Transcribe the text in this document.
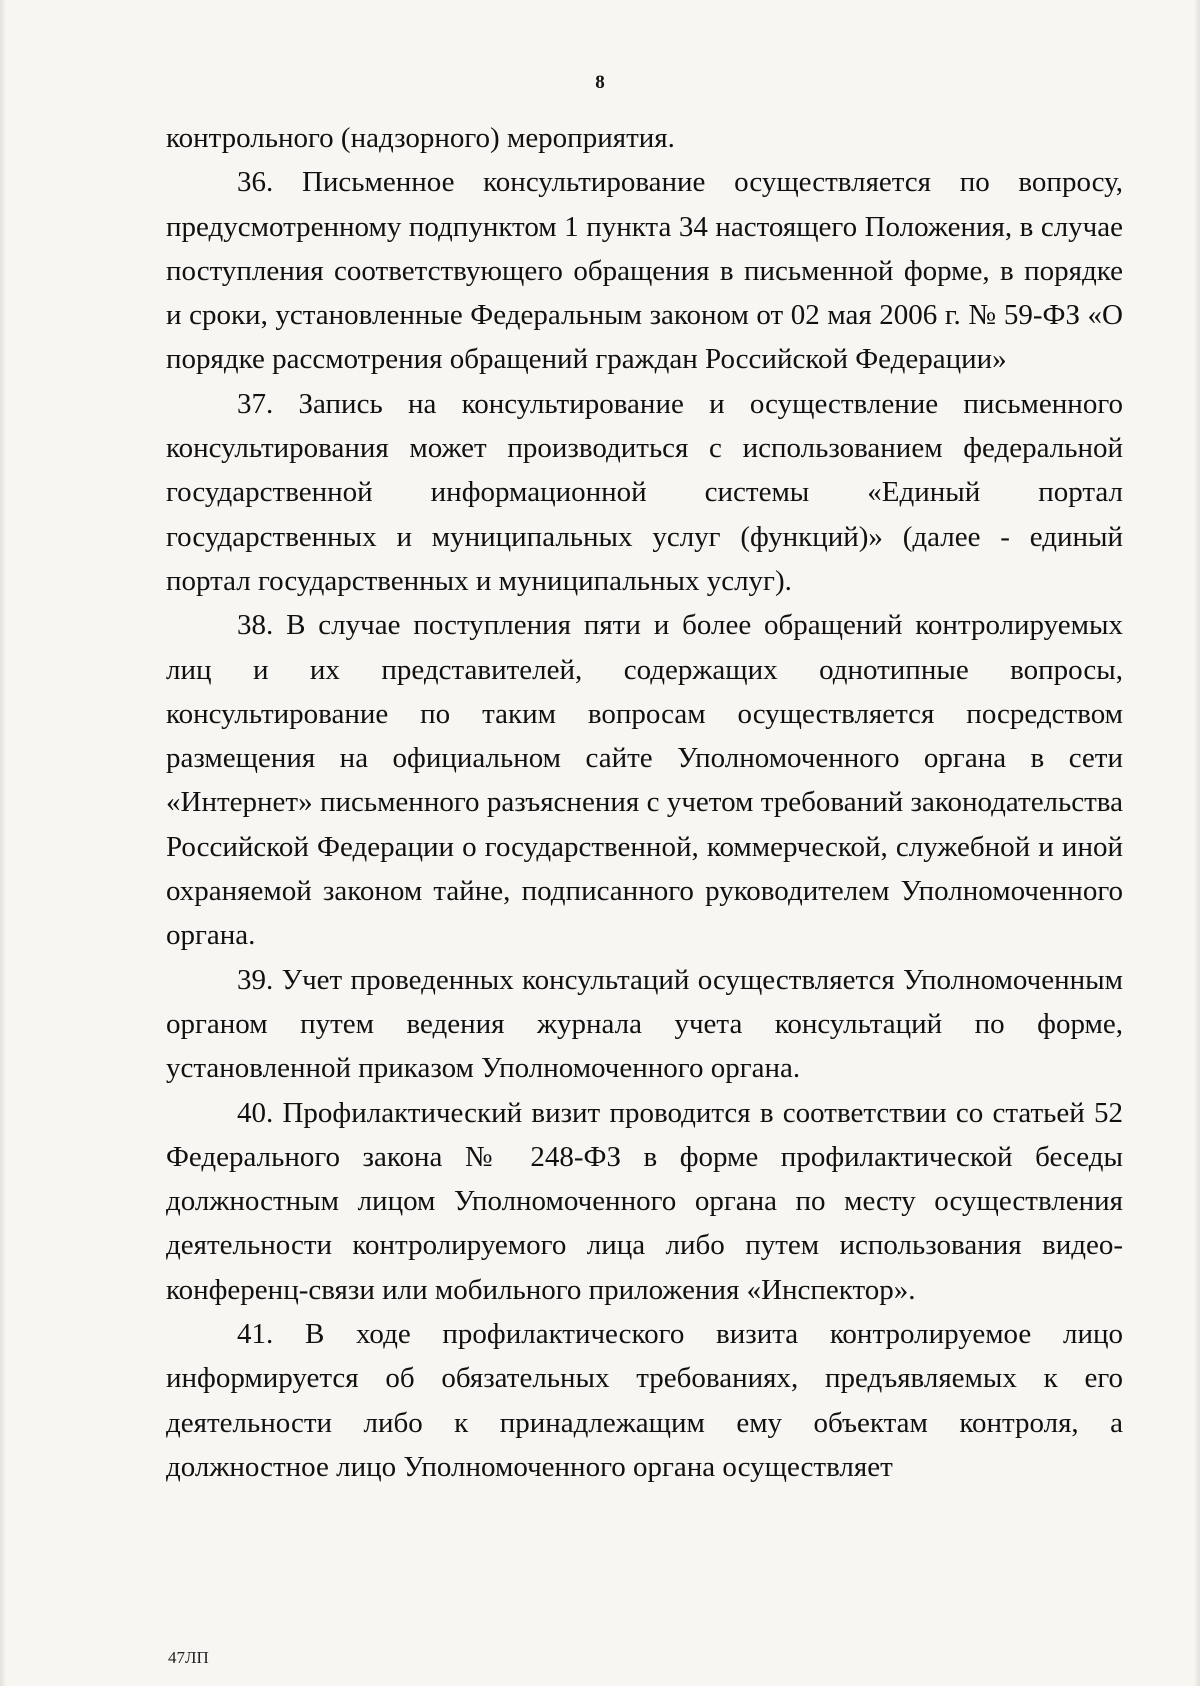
8

контрольного (надзорного) мероприятия.

36. Письменное консультирование осуществляется по вопросу, предусмотренному подпунктом 1 пункта 34 настоящего Положения, в случае поступления соответствующего обращения в письменной форме, в порядке и сроки, установленные Федеральным законом от 02 мая 2006 г. № 59-ФЗ «О порядке рассмотрения обращений граждан Российской Федерации»

37. Запись на консультирование и осуществление письменного консультирования может производиться с использованием федеральной государственной информационной системы «Единый портал государственных и муниципальных услуг (функций)» (далее - единый портал государственных и муниципальных услуг).

38. В случае поступления пяти и более обращений контролируемых лиц и их представителей, содержащих однотипные вопросы, консультирование по таким вопросам осуществляется посредством размещения на официальном сайте Уполномоченного органа в сети «Интернет» письменного разъяснения с учетом требований законодательства Российской Федерации о государственной, коммерческой, служебной и иной охраняемой законом тайне, подписанного руководителем Уполномоченного органа.

39. Учет проведенных консультаций осуществляется Уполномоченным органом путем ведения журнала учета консультаций по форме, установленной приказом Уполномоченного органа.

40. Профилактический визит проводится в соответствии со статьей 52 Федерального закона № 248-ФЗ в форме профилактической беседы должностным лицом Уполномоченного органа по месту осуществления деятельности контролируемого лица либо путем использования видео-конференц-связи или мобильного приложения «Инспектор».

41. В ходе профилактического визита контролируемое лицо информируется об обязательных требованиях, предъявляемых к его деятельности либо к принадлежащим ему объектам контроля, а должностное лицо Уполномоченного органа осуществляет

47ЛП
